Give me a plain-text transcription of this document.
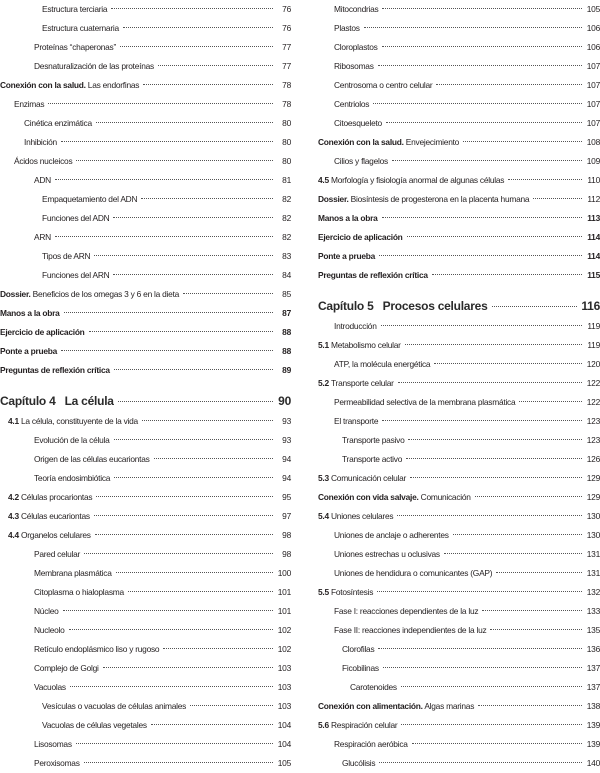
Estructura terciaria	76
Estructura cuaternaria	76
Proteínas “chaperonas”	77
Desnaturalización de las proteínas	77
Conexión con la salud. Las endorfinas	78
Enzimas	78
Cinética enzimática	80
Inhibición	80
Ácidos nucleicos	80
ADN	81
Empaquetamiento del ADN	82
Funciones del ADN	82
ARN	82
Tipos de ARN	83
Funciones del ARN	84
Dossier. Beneficios de los omegas 3 y 6 en la dieta	85
Manos a la obra	87
Ejercicio de aplicación	88
Ponte a prueba	88
Preguntas de reflexión crítica	89
Capítulo 4 La célula	90
4.1 La célula, constituyente de la vida	93
Evolución de la célula	93
Origen de las células eucariontas	94
Teoría endosimbiótica	94
4.2 Células procariontas	95
4.3 Células eucariontas	97
4.4 Organelos celulares	98
Pared celular	98
Membrana plasmática	100
Citoplasma o hialoplasma	101
Núcleo	101
Nucleolo	102
Retículo endoplásmico liso y rugoso	102
Complejo de Golgi	103
Vacuolas	103
Vesículas o vacuolas de células animales	103
Vacuolas de células vegetales	104
Lisosomas	104
Peroxisomas	105
Mitocondrias	105
Plastos	106
Cloroplastos	106
Ribosomas	107
Centrosoma o centro celular	107
Centriolos	107
Citoesqueleto	107
Conexión con la salud. Envejecimiento	108
Cilios y flagelos	109
4.5 Morfología y fisiología anormal de algunas células	110
Dossier. Biosíntesis de progesterona en la placenta humana	112
Manos a la obra	113
Ejercicio de aplicación	114
Ponte a prueba	114
Preguntas de reflexión crítica	115
Capítulo 5 Procesos celulares	116
Introducción	119
5.1 Metabolismo celular	119
ATP, la molécula energética	120
5.2 Transporte celular	122
Permeabilidad selectiva de la membrana plasmática	122
El transporte	123
Transporte pasivo	123
Transporte activo	126
5.3 Comunicación celular	129
Conexión con vida salvaje. Comunicación	129
5.4 Uniones celulares	130
Uniones de anclaje o adherentes	130
Uniones estrechas u oclusivas	131
Uniones de hendidura o comunicantes (GAP)	131
5.5 Fotosíntesis	132
Fase I: reacciones dependientes de la luz	133
Fase II: reacciones independientes de la luz	135
Clorofilas	136
Ficobilinas	137
Carotenoides	137
Conexión con alimentación. Algas marinas	138
5.6 Respiración celular	139
Respiración aeróbica	139
Glucólisis	140
